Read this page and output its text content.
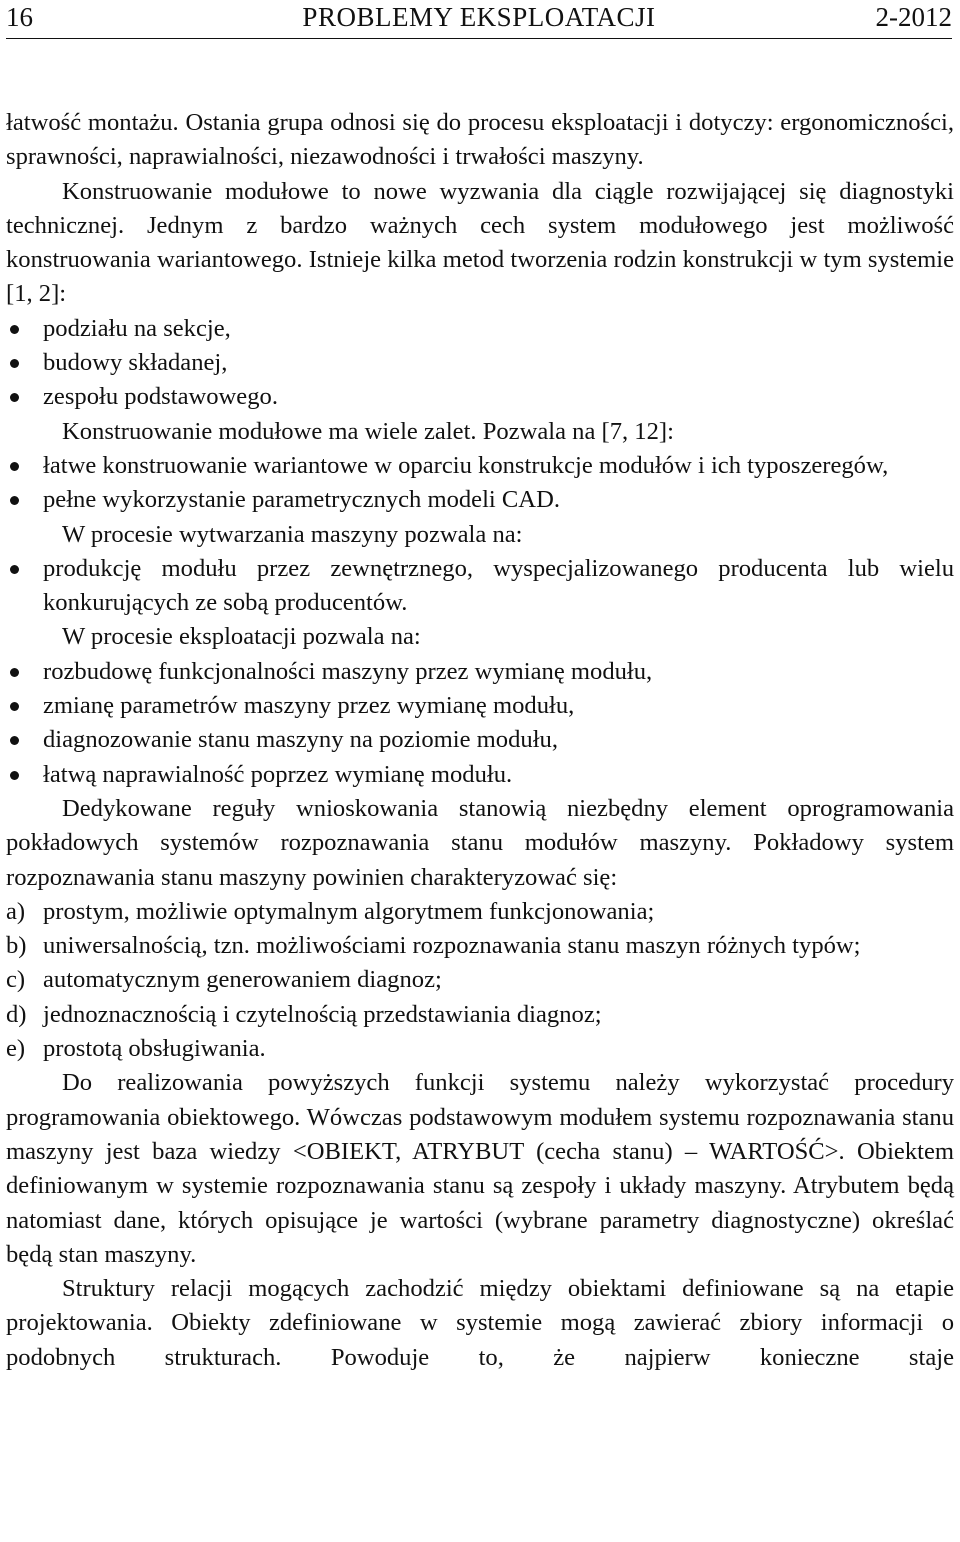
16	PROBLEMY EKSPLOATACJI	2-2012

łatwość montażu. Ostania grupa odnosi się do procesu eksploatacji i dotyczy: ergonomiczności, sprawności, naprawialności, niezawodności i trwałości maszyny.

Konstruowanie modułowe to nowe wyzwania dla ciągle rozwijającej się diagnostyki technicznej. Jednym z bardzo ważnych cech system modułowego jest możliwość konstruowania wariantowego. Istnieje kilka metod tworzenia rodzin konstrukcji w tym systemie [1, 2]:

podziału na sekcje,
budowy składanej,
zespołu podstawowego.

Konstruowanie modułowe ma wiele zalet. Pozwala na [7, 12]:

łatwe konstruowanie wariantowe w oparciu konstrukcje modułów i ich typoszeregów,
pełne wykorzystanie parametrycznych modeli CAD.

W procesie wytwarzania maszyny pozwala na:

produkcję modułu przez zewnętrznego, wyspecjalizowanego producenta lub wielu konkurujących ze sobą producentów.

W procesie eksploatacji pozwala na:

rozbudowę funkcjonalności maszyny przez wymianę modułu,
zmianę parametrów maszyny przez wymianę modułu,
diagnozowanie stanu maszyny na poziomie modułu,
łatwą naprawialność poprzez wymianę modułu.

Dedykowane reguły wnioskowania stanowią niezbędny element oprogramowania pokładowych systemów rozpoznawania stanu modułów maszyny. Pokładowy system rozpoznawania stanu maszyny powinien charakteryzować się:

a) prostym, możliwie optymalnym algorytmem funkcjonowania;
b) uniwersalnością, tzn. możliwościami rozpoznawania stanu maszyn różnych typów;
c) automatycznym generowaniem diagnoz;
d) jednoznacznością i czytelnością przedstawiania diagnoz;
e) prostotą obsługiwania.

Do realizowania powyższych funkcji systemu należy wykorzystać procedury programowania obiektowego. Wówczas podstawowym modułem systemu rozpoznawania stanu maszyny jest baza wiedzy <OBIEKT, ATRYBUT (cecha stanu) – WARTOŚĆ>. Obiektem definiowanym w systemie rozpoznawania stanu są zespoły i układy maszyny. Atrybutem będą natomiast dane, których opisujące je wartości (wybrane parametry diagnostyczne) określać będą stan maszyny.

Struktury relacji mogących zachodzić między obiektami definiowane są na etapie projektowania. Obiekty zdefiniowane w systemie mogą zawierać zbiory informacji o podobnych strukturach. Powoduje to, że najpierw konieczne staje
